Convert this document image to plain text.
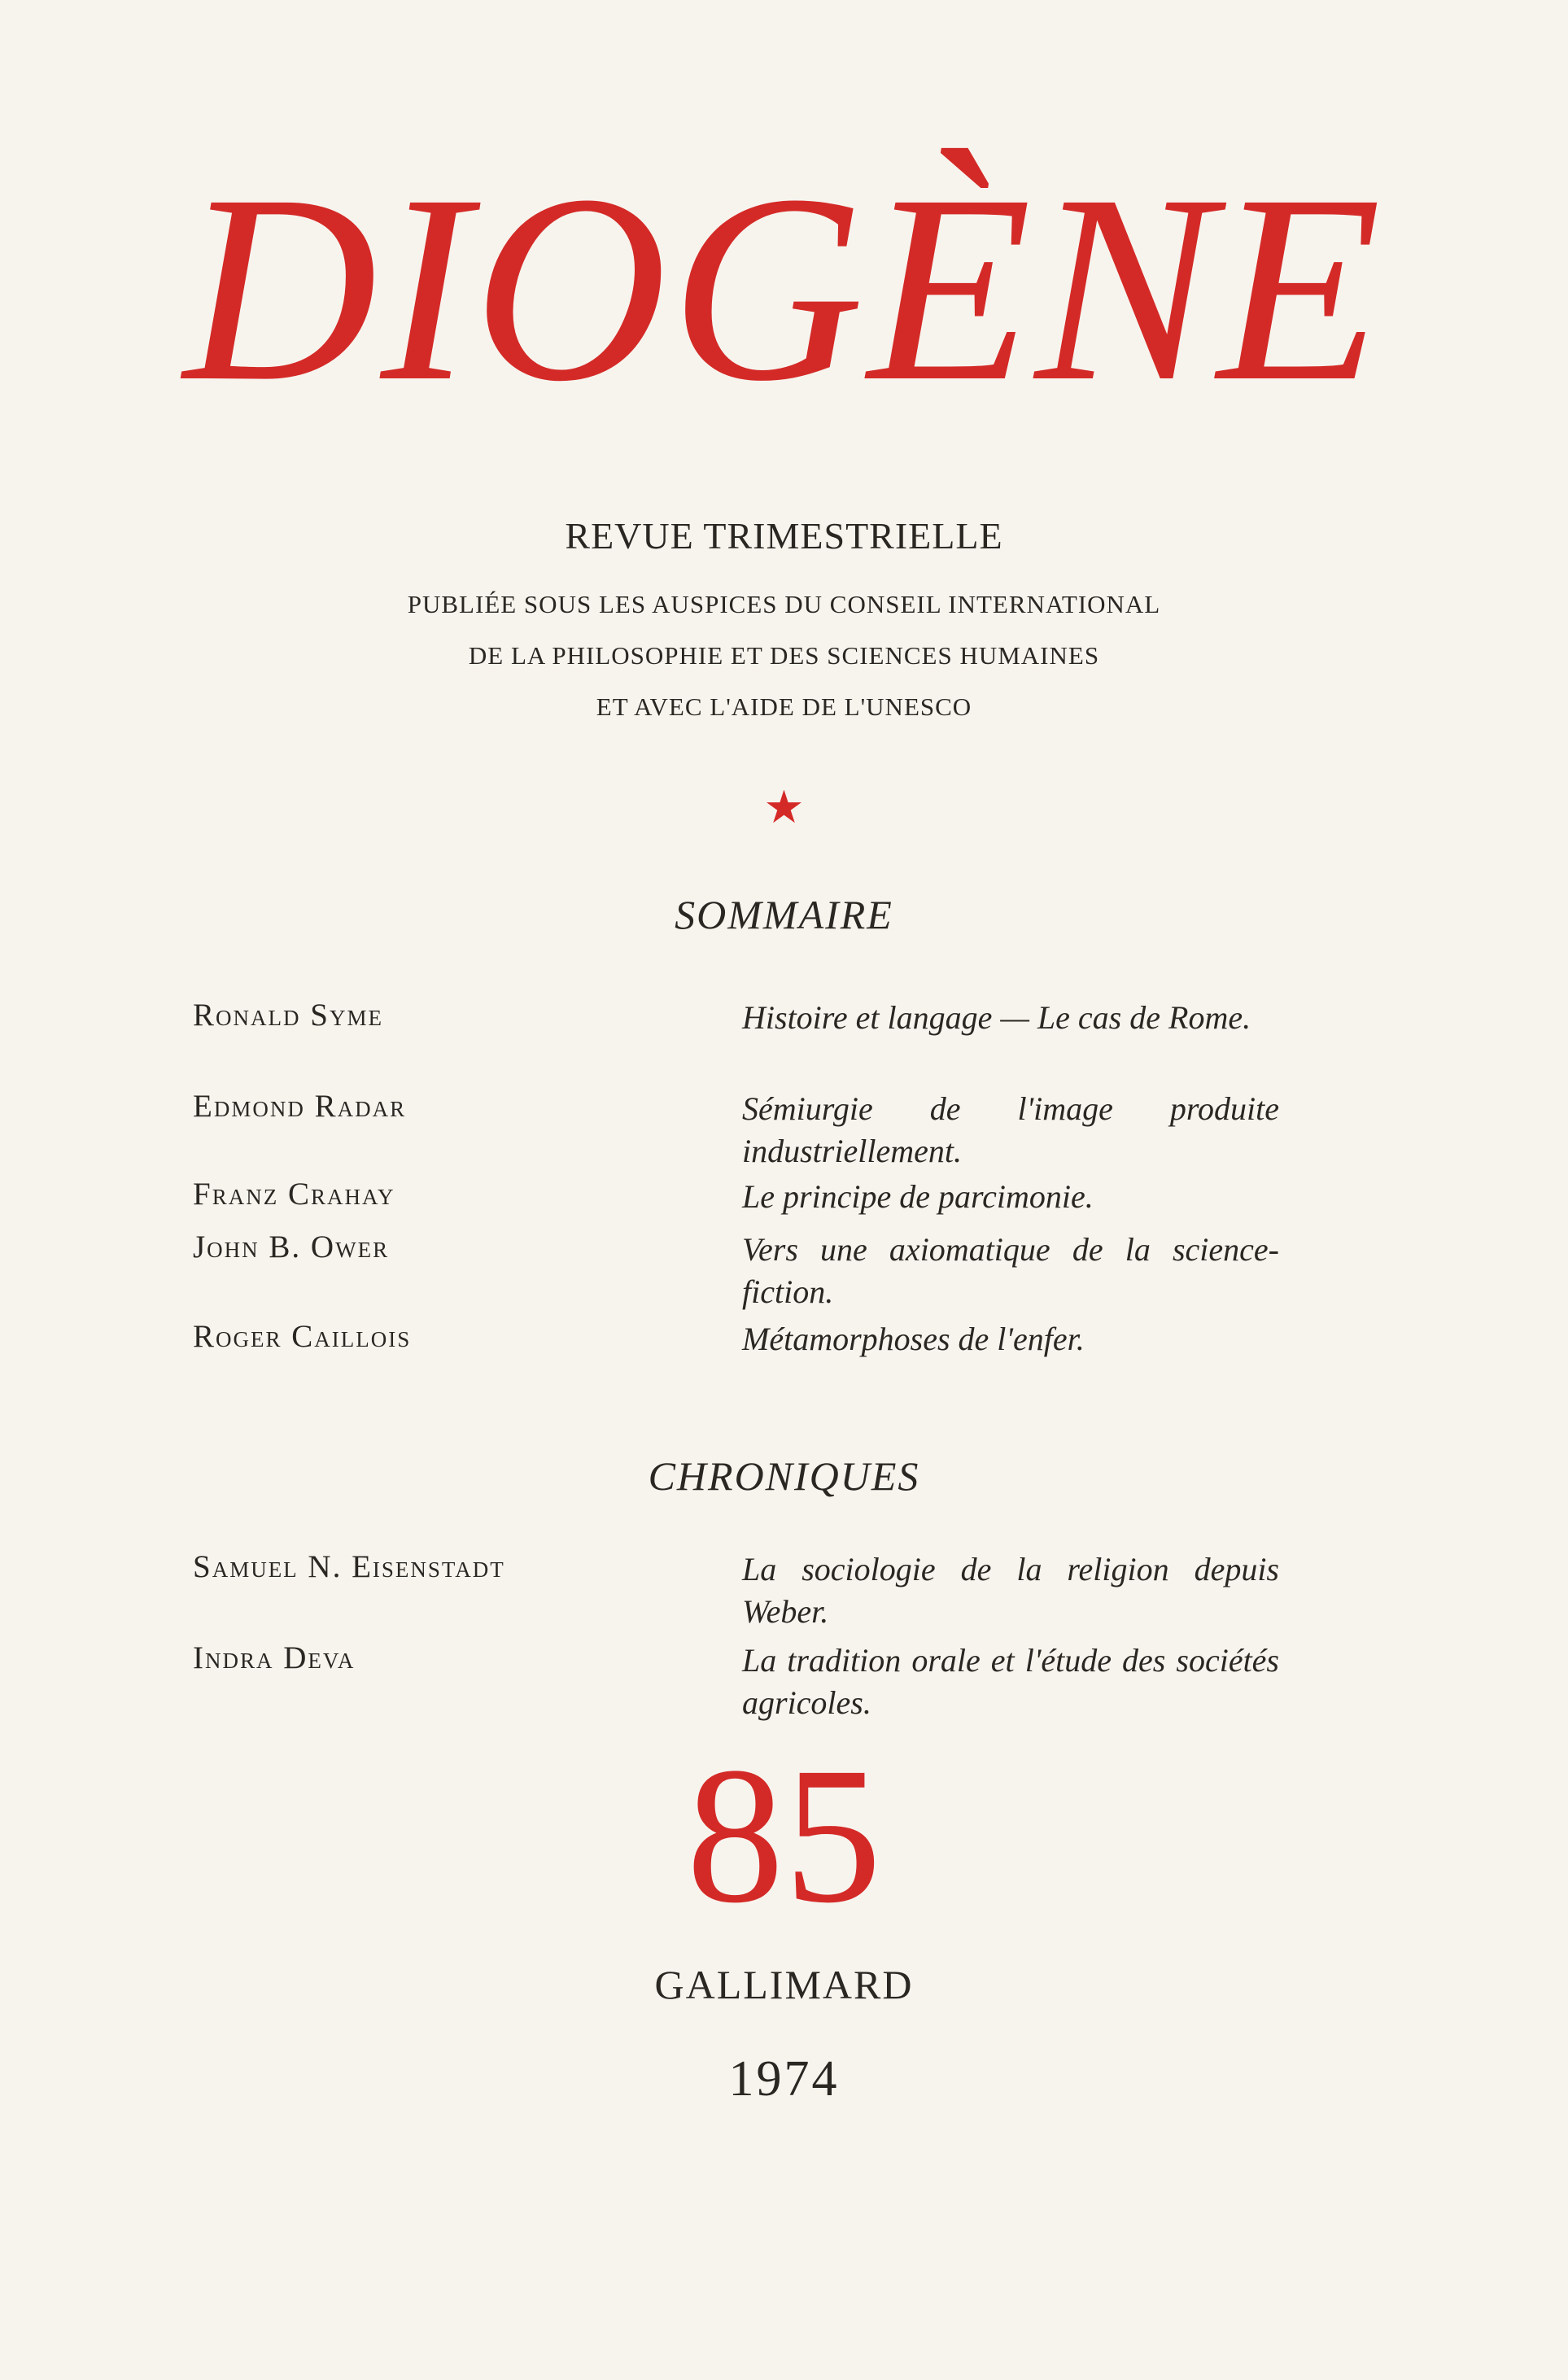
DIOGÈNE
REVUE TRIMESTRIELLE
PUBLIÉE SOUS LES AUSPICES DU CONSEIL INTERNATIONAL
DE LA PHILOSOPHIE ET DES SCIENCES HUMAINES
ET AVEC L'AIDE DE L'UNESCO
★
SOMMAIRE
Ronald Syme	Histoire et langage — Le cas de Rome.
Edmond Radar	Sémiurgie de l'image produite industriellement.
Franz Crahay	Le principe de parcimonie.
John B. Ower	Vers une axiomatique de la science-fiction.
Roger Caillois	Métamorphoses de l'enfer.
CHRONIQUES
Samuel N. Eisenstadt	La sociologie de la religion depuis Weber.
Indra Deva	La tradition orale et l'étude des sociétés agricoles.
85
GALLIMARD
1974
